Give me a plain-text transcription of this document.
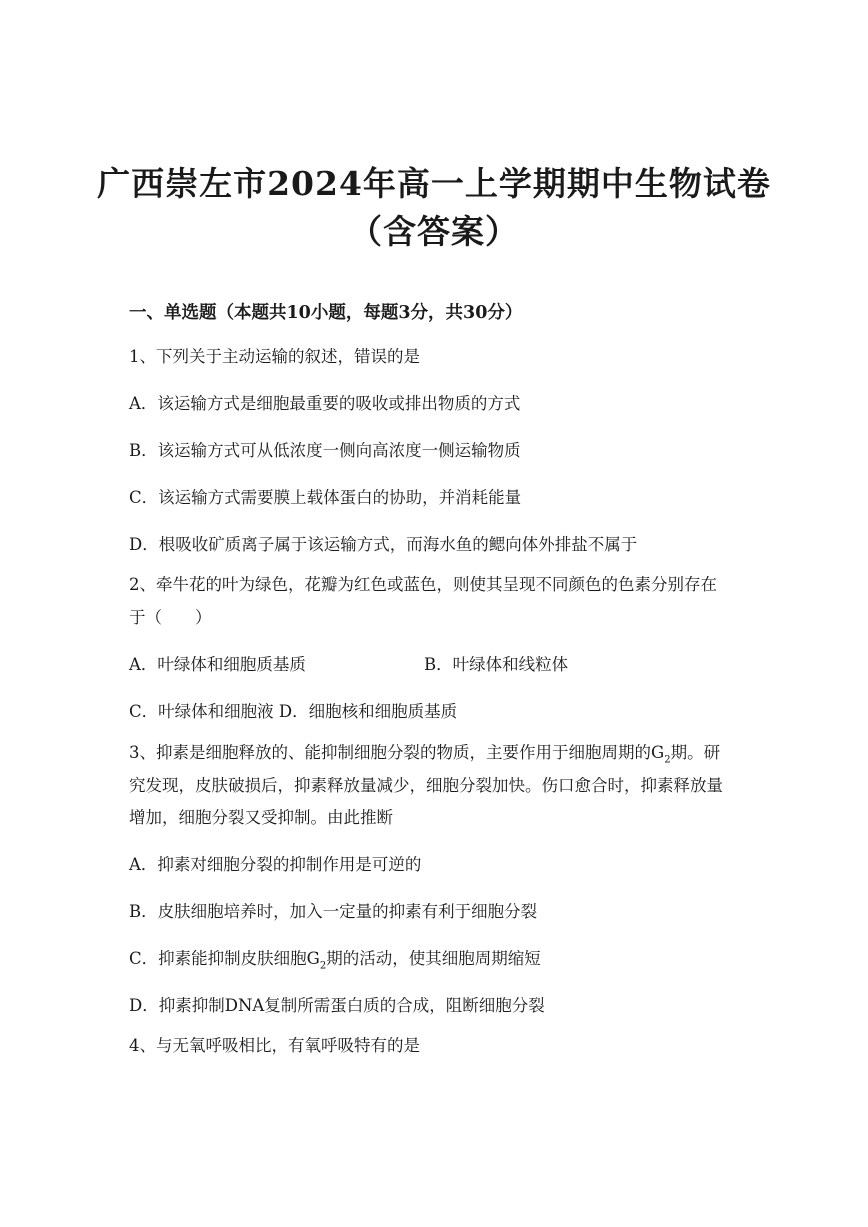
广西崇左市2024年高一上学期期中生物试卷
（含答案）
一、单选题（本题共10小题，每题3分，共30分）
1、下列关于主动运输的叙述，错误的是
A．该运输方式是细胞最重要的吸收或排出物质的方式
B．该运输方式可从低浓度一侧向高浓度一侧运输物质
C．该运输方式需要膜上载体蛋白的协助，并消耗能量
D．根吸收矿质离子属于该运输方式，而海水鱼的鳃向体外排盐不属于
2、牵牛花的叶为绿色，花瓣为红色或蓝色，则使其呈现不同颜色的色素分别存在
于（　　）
A．叶绿体和细胞质基质	B．叶绿体和线粒体
C．叶绿体和细胞液 D．细胞核和细胞质基质
3、抑素是细胞释放的、能抑制细胞分裂的物质，主要作用于细胞周期的$G_2$期。研
究发现，皮肤破损后，抑素释放量减少，细胞分裂加快。伤口愈合时，抑素释放量
增加，细胞分裂又受抑制。由此推断
A．抑素对细胞分裂的抑制作用是可逆的
B．皮肤细胞培养时，加入一定量的抑素有利于细胞分裂
C．抑素能抑制皮肤细胞$G_2$期的活动，使其细胞周期缩短
D．抑素抑制DNA复制所需蛋白质的合成，阻断细胞分裂
4、与无氧呼吸相比，有氧呼吸特有的是
